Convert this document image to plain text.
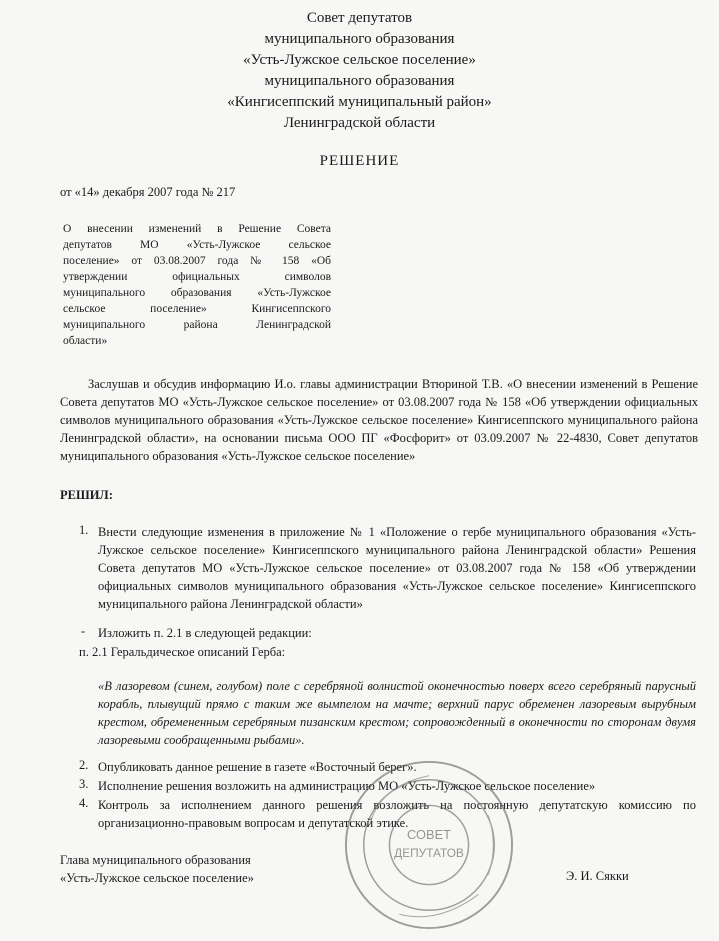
Совет депутатов
муниципального образования
«Усть-Лужское сельское поселение»
муниципального образования
«Кингисеппский муниципальный район»
Ленинградской области
РЕШЕНИЕ
от «14» декабря 2007 года № 217
О внесении изменений в Решение Совета
депутатов МО «Усть-Лужское сельское
поселение» от 03.08.2007 года № 158 «Об
утверждении официальных символов
муниципального образования «Усть-Лужское
сельское поселение» Кингисеппского
муниципального района Ленинградской
области»
Заслушав и обсудив информацию И.о. главы администрации Втюриной Т.В. «О внесении изменений в Решение Совета депутатов МО «Усть-Лужское сельское поселение» от 03.08.2007 года № 158 «Об утверждении официальных символов муниципального образования «Усть-Лужское сельское поселение» Кингисеппского муниципального района Ленинградской области», на основании письма ООО ПГ «Фосфорит» от 03.09.2007 № 22-4830, Совет депутатов муниципального образования «Усть-Лужское сельское поселение»
РЕШИЛ:
1. Внести следующие изменения в приложение № 1 «Положение о гербе муниципального образования «Усть-Лужское сельское поселение» Кингисеппского муниципального района Ленинградской области» Решения Совета депутатов МО «Усть-Лужское сельское поселение» от 03.08.2007 года № 158 «Об утверждении официальных символов муниципального образования «Усть-Лужское сельское поселение» Кингисеппского муниципального района Ленинградской области»
- Изложить п. 2.1 в следующей редакции:
п. 2.1 Геральдическое описаний Герба:
«В лазоревом (синем, голубом) поле с серебряной волнистой оконечностью поверх всего серебряный парусный корабль, плывущий прямо с таким же вымпелом на мачте; верхний парус обременен лазоревым вырубным крестом, обремененным серебряным пизанским крестом; сопровожденный в оконечности по сторонам двумя лазоревыми сообращенными рыбами».
2. Опубликовать данное решение в газете «Восточный берег».
3. Исполнение решения возложить на администрацию МО «Усть-Лужское сельское поселение»
4. Контроль за исполнением данного решения возложить на постоянную депутатскую комиссию по организационно-правовым вопросам и депутатской этике.
Глава муниципального образования
«Усть-Лужское сельское поселение»	Э. И. Сякки
СОВЕТ
ДЕПУТАТОВ
